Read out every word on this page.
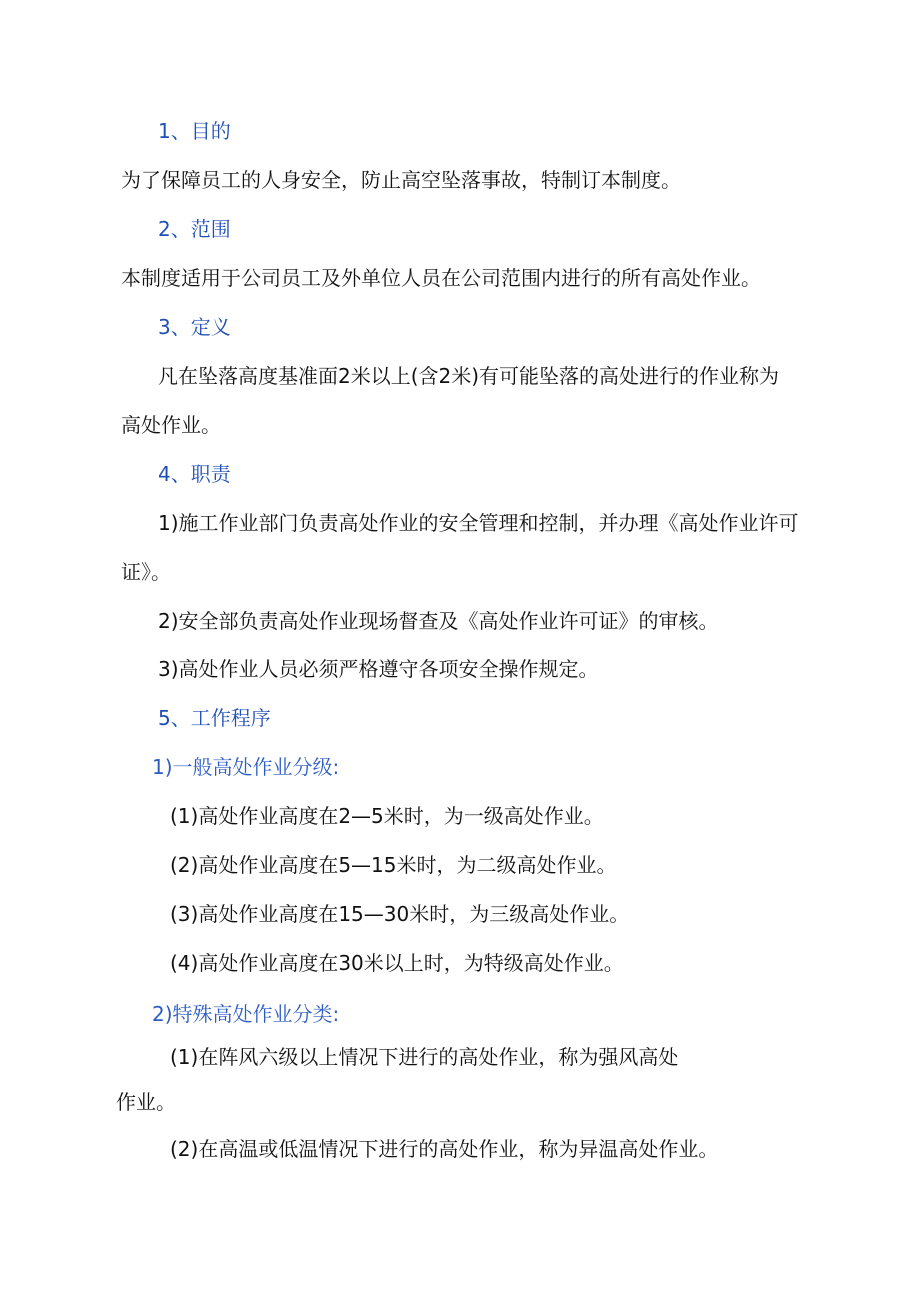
1、目的
为了保障员工的人身安全，防止高空坠落事故，特制订本制度。
2、范围
本制度适用于公司员工及外单位人员在公司范围内进行的所有高处作业。
3、定义
凡在坠落高度基准面2米以上(含2米)有可能坠落的高处进行的作业称为
高处作业。
4、职责
1)施工作业部门负责高处作业的安全管理和控制，并办理《高处作业许可
证》。
2)安全部负责高处作业现场督查及《高处作业许可证》的审核。
3)高处作业人员必须严格遵守各项安全操作规定。
5、工作程序
1)一般高处作业分级:
(1)高处作业高度在2—5米时，为一级高处作业。
(2)高处作业高度在5—15米时，为二级高处作业。
(3)高处作业高度在15—30米时，为三级高处作业。
(4)高处作业高度在30米以上时，为特级高处作业。
2)特殊高处作业分类:
(1)在阵风六级以上情况下进行的高处作业，称为强风高处
作业。
(2)在高温或低温情况下进行的高处作业，称为异温高处作业。
